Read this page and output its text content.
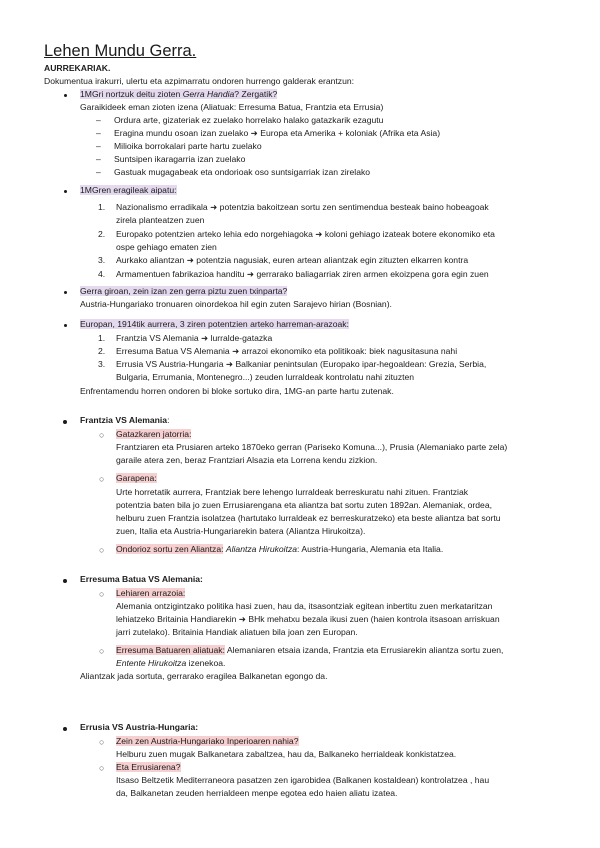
Lehen Mundu Gerra.
AURREKARIAK.
Dokumentua irakurri, ulertu eta azpimarratu ondoren hurrengo galderak erantzun:
1MGri nortzuk deitu zioten Gerra Handia? Zergatik?
Garaikideek eman zioten izena (Aliatuak: Erresuma Batua, Frantzia eta Errusia)
– Ordura arte, gizateriak ez zuelako horrelako halako gatazkarik ezagutu
– Eragina mundu osoan izan zuelako ➜ Europa eta Amerika + koloniak (Afrika eta Asia)
– Milioika borrokalari parte hartu zuelako
– Suntsipen ikaragarria izan zuelako
– Gastuak mugagabeak eta ondorioak oso suntsigarriak izan zirelako
1MGren eragileak aipatu:
1. Nazionalismo erradikala ➜ potentzia bakoitzean sortu zen sentimendua besteak baino hobeagoak
zirela planteatzen zuen
2. Europako potentzien arteko lehia edo norgehiagoka ➜ koloni gehiago izateak botere ekonomiko eta
ospe gehiago ematen zien
3. Aurkako aliantzan ➜ potentzia nagusiak, euren artean aliantzak egin zituzten elkarren kontra
4. Armamentuen fabrikazioa handitu ➜ gerrarako baliagarriak ziren armen ekoizpena gora egin zuen
Gerra giroan, zein izan zen gerra piztu zuen txinparta?
Austria-Hungariako tronuaren oinordekoa hil egin zuten Sarajevo hirian (Bosnian).
Europan, 1914tik aurrera, 3 ziren potentzien arteko harreman-arazoak:
1. Frantzia VS Alemania ➜ lurralde-gatazka
2. Erresuma Batua VS Alemania ➜ arrazoi ekonomiko eta politikoak: biek nagusitasuna nahi
3. Errusia VS Austria-Hungaria ➜ Balkaniar penintsulan (Europako ipar-hegoaldean: Grezia, Serbia,
Bulgaria, Errumania, Montenegro...) zeuden lurraldeak kontrolatu nahi zituzten
Enfrentamendu horren ondoren bi bloke sortuko dira, 1MG-an parte hartu zutenak.
Frantzia VS Alemania:
○ Gatazkaren jatorria:
Frantziaren eta Prusiaren arteko 1870eko gerran (Pariseko Komuna...), Prusia (Alemaniako parte zela)
garaile atera zen, beraz Frantziari Alsazia eta Lorrena kendu zizkion.
○ Garapena:
Urte horretatik aurrera, Frantziak bere lehengo lurraldeak berreskuratu nahi zituen. Frantziak
potentzia baten bila jo zuen Errusiarengana eta aliantza bat sortu zuten 1892an. Alemaniak, ordea,
helburu zuen Frantzia isolatzea (hartutako lurraldeak ez berreskuratzeko) eta beste aliantza bat sortu
zuen, Italia eta Austria-Hungariarekin batera (Aliantza Hirukoitza).
○ Ondorioz sortu zen Aliantza: Aliantza Hirukoitza: Austria-Hungaria, Alemania eta Italia.
Erresuma Batua VS Alemania:
○ Lehiaren arrazoia:
Alemania ontzigintzako politika hasi zuen, hau da, itsasontziak egitean inbertitu zuen merkataritzan
lehiatzeko Britainia Handiarekin ➜ BHk mehatxu bezala ikusi zuen (haien kontrola itsasoan arriskuan
jarri zutelako). Britainia Handiak aliatuen bila joan zen Europan.
○ Erresuma Batuaren aliatuak: Alemaniaren etsaia izanda, Frantzia eta Errusiarekin aliantza sortu zuen,
Entente Hirukoitza izenekoa.
Aliantzak jada sortuta, gerrarako eragilea Balkanetan egongo da.
Errusia VS Austria-Hungaria:
○ Zein zen Austria-Hungariako Inperioaren nahia?
Helburu zuen mugak Balkanetara zabaltzea, hau da, Balkaneko herrialdeak konkistatzea.
○ Eta Errusiarena?
Itsaso Beltzetik Mediterraneora pasatzen zen igarobidea (Balkanen kostaldean) kontrolatzea , hau
da, Balkanetan zeuden herrialdeen menpe egotea edo haien aliatu izatea.
